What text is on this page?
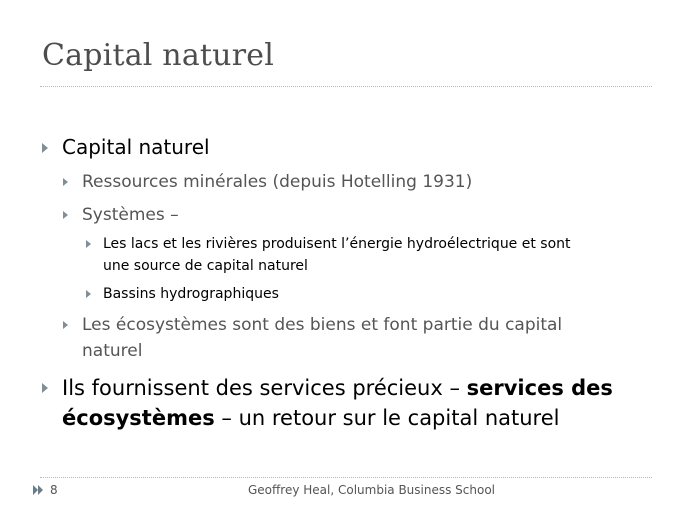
Capital naturel
Capital naturel
Ressources minérales (depuis Hotelling 1931)
Systèmes –
Les lacs et les rivières produisent l’énergie hydroélectrique et sont
une source de capital naturel
Bassins hydrographiques
Les écosystèmes sont des biens et font partie du capital
naturel
Ils fournissent des services précieux – services des
écosystèmes – un retour sur le capital naturel
8	Geoffrey Heal, Columbia Business School
